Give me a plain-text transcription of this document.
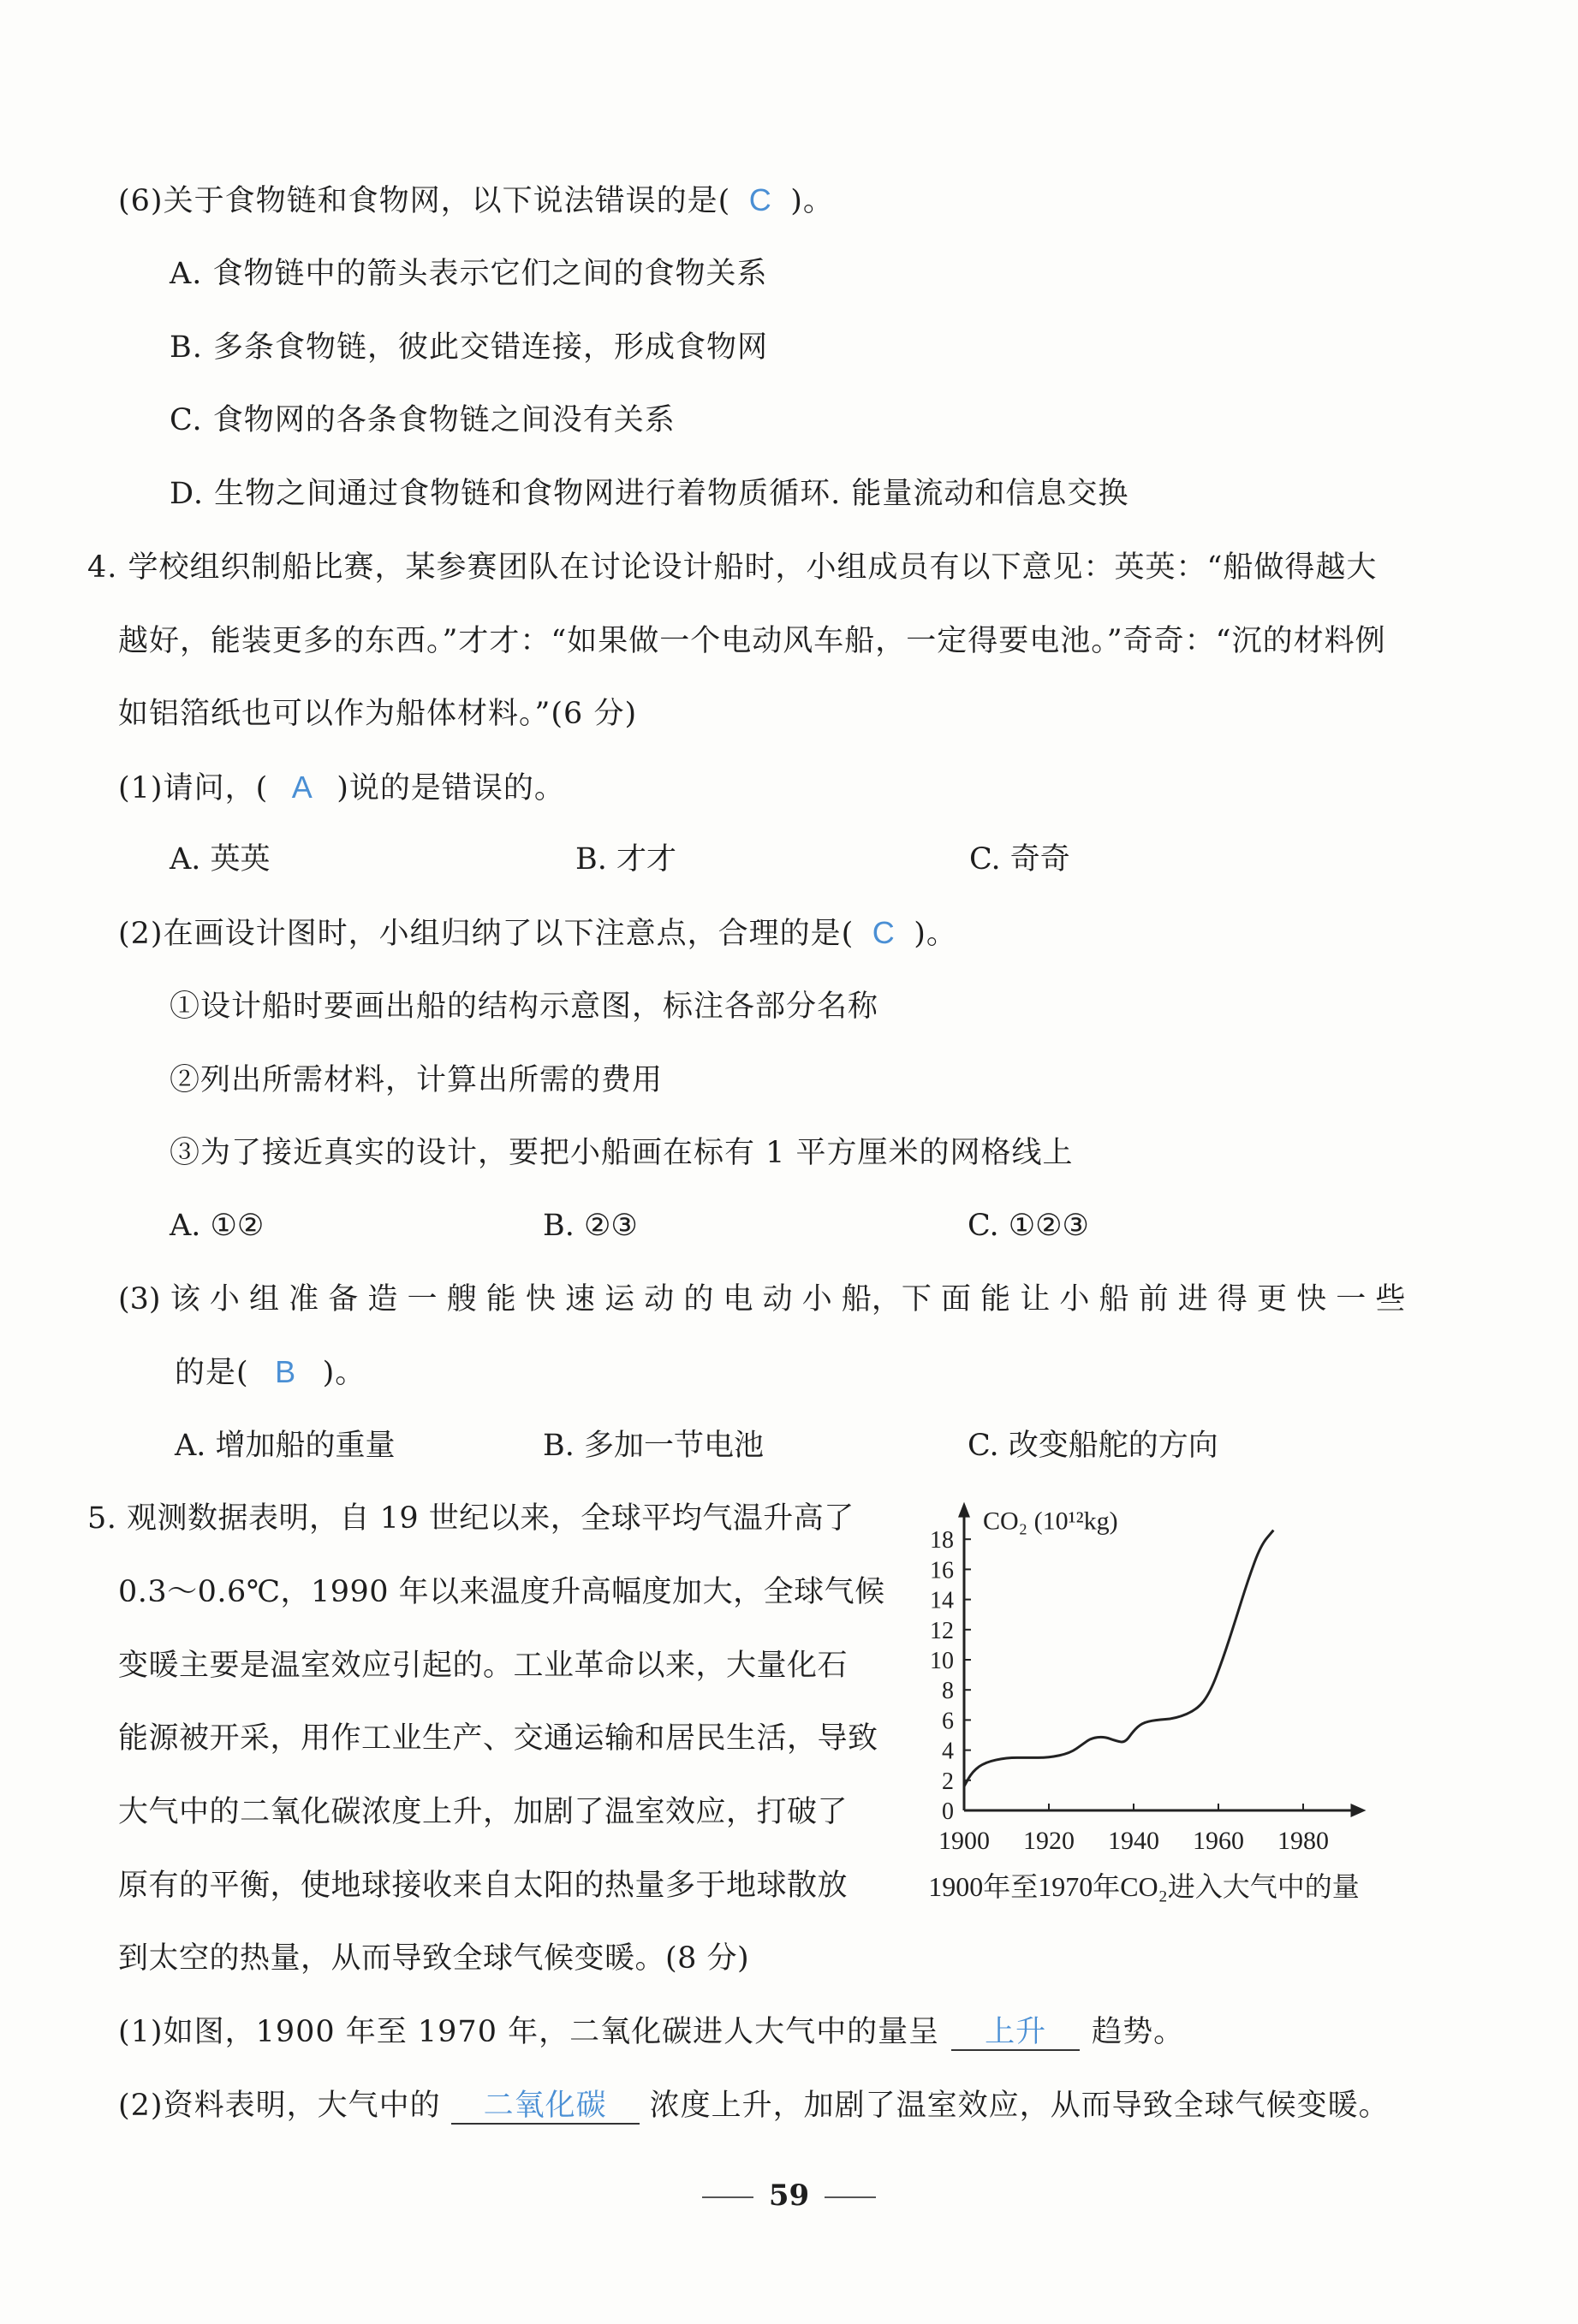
(6)关于食物链和食物网，以下说法错误的是( C )。
A. 食物链中的箭头表示它们之间的食物关系
B. 多条食物链，彼此交错连接，形成食物网
C. 食物网的各条食物链之间没有关系
D. 生物之间通过食物链和食物网进行着物质循环. 能量流动和信息交换
4. 学校组织制船比赛，某参赛团队在讨论设计船时，小组成员有以下意见：英英：“船做得越大
越好，能装更多的东西。”才才：“如果做一个电动风车船，一定得要电池。”奇奇：“沉的材料例
如铝箔纸也可以作为船体材料。”(6 分)
(1)请问，( A )说的是错误的。
A. 英英	B. 才才	C. 奇奇
(2)在画设计图时，小组归纳了以下注意点，合理的是( C )。
①设计船时要画出船的结构示意图，标注各部分名称
②列出所需材料，计算出所需的费用
③为了接近真实的设计，要把小船画在标有 1 平方厘米的网格线上
A. ①②	B. ②③	C. ①②③
(3) 该 小 组 准 备 造 一 艘 能 快 速 运 动 的 电 动 小 船，下 面 能 让 小 船 前 进 得 更 快 一 些
的是( B )。
A. 增加船的重量	B. 多加一节电池	C. 改变船舵的方向
5. 观测数据表明，自 19 世纪以来，全球平均气温升高了
0.3～0.6℃，1990 年以来温度升高幅度加大，全球气候
变暖主要是温室效应引起的。工业革命以来，大量化石
能源被开采，用作工业生产、交通运输和居民生活，导致
大气中的二氧化碳浓度上升，加剧了温室效应，打破了
原有的平衡，使地球接收来自太阳的热量多于地球散放
到太空的热量，从而导致全球气候变暖。(8 分)
0
2
4
6
8
10
12
14
16
18
1900 1920 1940 1960 1980
CO₂ (10¹²kg)
1900年至1970年CO₂进入大气中的量
(1)如图，1900 年至 1970 年，二氧化碳进人大气中的量呈 上升 趋势。
(2)资料表明，大气中的 二氧化碳 浓度上升，加剧了温室效应，从而导致全球气候变暖。
59
